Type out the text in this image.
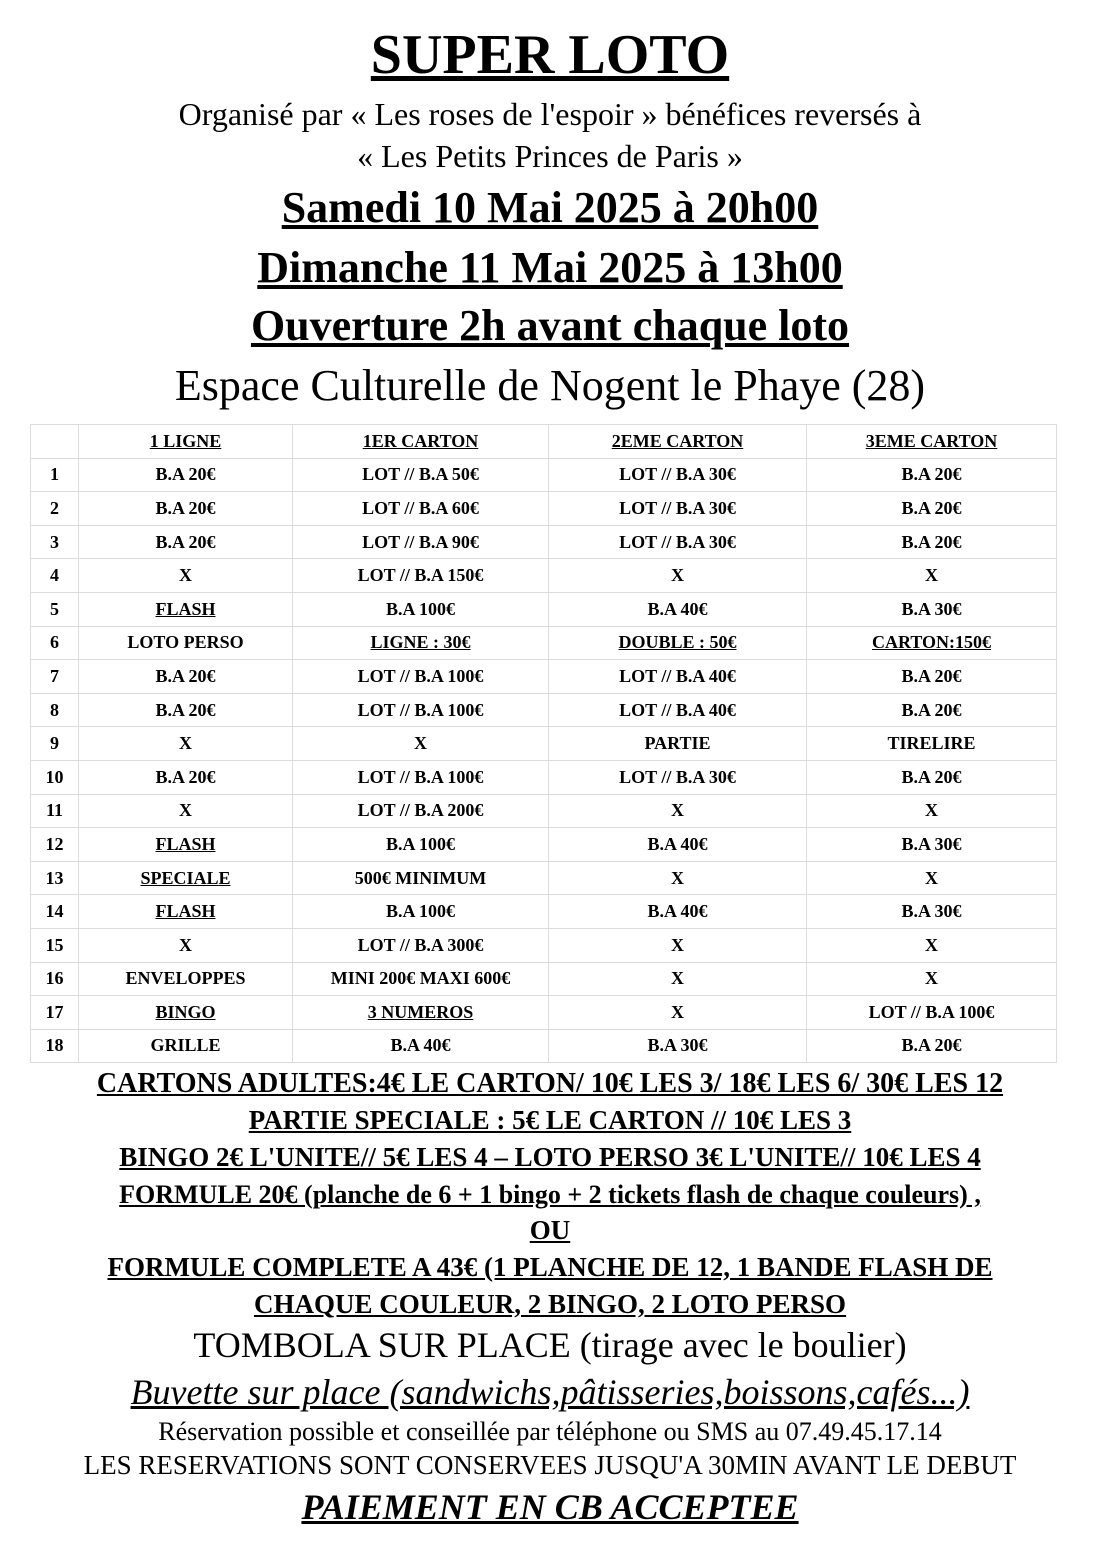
SUPER LOTO
Organisé par « Les roses de l'espoir » bénéfices reversés à
« Les Petits Princes de Paris »
Samedi 10 Mai 2025 à 20h00
Dimanche 11 Mai 2025 à 13h00
Ouverture 2h avant chaque loto
Espace Culturelle de Nogent le Phaye (28)
	1 LIGNE	1ER CARTON	2EME CARTON	3EME CARTON
1	B.A 20€	LOT // B.A 50€	LOT // B.A 30€	B.A 20€
2	B.A 20€	LOT // B.A 60€	LOT // B.A 30€	B.A 20€
3	B.A 20€	LOT // B.A 90€	LOT // B.A 30€	B.A 20€
4	X	LOT // B.A 150€	X	X
5	FLASH	B.A 100€	B.A 40€	B.A 30€
6	LOTO PERSO	LIGNE : 30€	DOUBLE : 50€	CARTON:150€
7	B.A 20€	LOT // B.A 100€	LOT // B.A 40€	B.A 20€
8	B.A 20€	LOT // B.A 100€	LOT // B.A 40€	B.A 20€
9	X	X	PARTIE	TIRELIRE
10	B.A 20€	LOT // B.A 100€	LOT // B.A 30€	B.A 20€
11	X	LOT // B.A 200€	X	X
12	FLASH	B.A 100€	B.A 40€	B.A 30€
13	SPECIALE	500€ MINIMUM	X	X
14	FLASH	B.A 100€	B.A 40€	B.A 30€
15	X	LOT // B.A 300€	X	X
16	ENVELOPPES	MINI 200€ MAXI 600€	X	X
17	BINGO	3 NUMEROS	X	LOT // B.A 100€
18	GRILLE	B.A 40€	B.A 30€	B.A 20€
CARTONS ADULTES:4€ LE CARTON/ 10€ LES 3/ 18€ LES 6/ 30€ LES 12
PARTIE SPECIALE : 5€ LE CARTON // 10€ LES 3
BINGO 2€ L'UNITE// 5€ LES 4 – LOTO PERSO 3€ L'UNITE// 10€ LES 4
FORMULE 20€ (planche de 6 + 1 bingo + 2 tickets flash de chaque couleurs) ,
OU
FORMULE COMPLETE A 43€ (1 PLANCHE DE 12, 1 BANDE FLASH DE
CHAQUE COULEUR, 2 BINGO, 2 LOTO PERSO
TOMBOLA SUR PLACE (tirage avec le boulier)
Buvette sur place (sandwichs,pâtisseries,boissons,cafés...)
Réservation possible et conseillée par téléphone ou SMS au 07.49.45.17.14
LES RESERVATIONS SONT CONSERVEES JUSQU'A 30MIN AVANT LE DEBUT
PAIEMENT EN CB ACCEPTEE
